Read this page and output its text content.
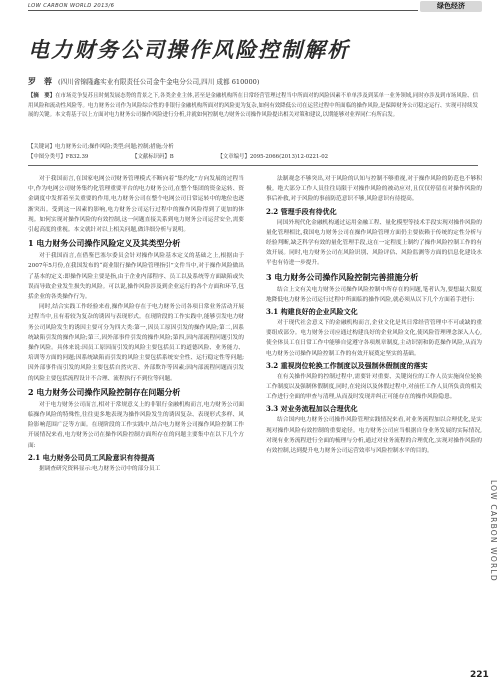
LOW CARBON WORLD 2013/6	绿色经济
电力财务公司操作风险控制解析
罗　蓉 (四川省锦隆鑫实业有限责任公司金牛金电分公司,四川 成都 610000)
【摘　要】在市场竞争复苏且时刻发展态势的背景之下,各类企业主体,甚至是金融机构所在日常经营管理过程当中所面对的风险因素不单单涉及到某单一业务领域,同时亦涉及到市场风险、信用风险和流动性风险等。电力财务公司作为风险综合性的非银行金融机构所面对的风险更为复杂,如何有效降低公司在运营过程中所面临的操作风险,是保障财务公司稳定运行、实现可持续发展的关键。本文将基于以上方面对电力财务公司操作风险进行分析,并就如何控制电力财务公司操作风险提出相关对策和建议,以期能够对业界同仁有所启发。
【关键词】电力财务公司;操作风险;类型;问题;控制;措施;分析
【中图分类号】F832.39	【文献标识码】B	【文章编号】2095-2066(2013)12-0221-02

对于我国而言,在国家电网公司财务管理模式不断向着“集约化”方向发展的过程当中,作为电网公司财务集约化管理重要平台的电力财务公司,在整个集团的资金运转、资金调度中发挥着至关重要的作用,电力财务公司在整个电网公司日常运转中的地位也逐渐突出。受到这一因素的影响,电力财务公司运行过程中的操作风险得到了更加的体现。如何实现对操作风险的有效控制,这一问题直接关系到电力财务公司运营安全,需要引起高度的重视。本文就针对以上相关问题,做详细分析与说明。

1 电力财务公司操作风险定义及其类型分析

对于我国而言,在借鉴巴塞尔委员会针对操作风险基本定义的基础之上,根据由于2007年5月份,在我国发布的“商业银行操作风险管理指引”文件当中,对于操作风险做出了基本的定义:即操作风险主要是指,由于企业内部程序、员工以及系统等方面缺陷或失误而导致企业发生损失的风险。可以说,操作风险涉及到企业运行的各个方面和环节,包括企业的各类操作行为。

同时,结合实践工作经验来看,操作风险存在于电力财务公司各项日常业务活动开展过程当中,且有着较为复杂的诱因与表现形式。在现阶段的工作实践中,能够引发电力财务公司风险发生的诱因主要可分为四大类:第一,因员工原因引发的操作风险;第二,因系统缺陷引发的操作风险;第三,因外部事件引发的操作风险;第四,因内部流程问题引发的操作风险。具体来说:因员工原因而引发的风险主要包括员工的道德风险、业务能力、培训等方面的问题;因系统缺陷而引发的风险主要包括系统安全性、运行稳定性等问题;因外部事件而引发的风险主要包括自然灾害、外部欺诈等因素;因内部流程问题而引发的风险主要包括流程设计不合理、流程执行不到位等问题。

2 电力财务公司操作风险控制存在问题分析

对于电力财务公司而言,相对于常规意义上的非银行金融机构而言,电力财务公司面临操作风险的特殊性,往往更多地表现为操作风险发生的诱因复杂、表现形式多样、风险影响范围广泛等方面。在现阶段的工作实践中,结合电力财务公司操作风险控制工作开展情况来看,电力财务公司在操作风险控制方面所存在的问题主要集中在以下几个方面:

2.1 电力财务公司员工风险意识有待提高

据调查研究资料显示:电力财务公司中的部分员工

法制观念不够突出,对于风险的认知与控制不够重视,对于操作风险的防范也不够积极。绝大部分工作人员往往局限于对操作风险的被动应对,且仅仅停留在对操作风险的事后补救,对于风险的事前防范意识不够,风险意识有待提高。

2.2 管理手段有待优化

同国外现代化金融机构通过运用金融工程、量化模型等技术手段实现对操作风险的量化管理相比,我国电力财务公司在操作风险管理方面仍主要依赖于传统的定性分析与经验判断,缺乏科学有效的量化管理手段,这在一定程度上制约了操作风险控制工作的有效开展。同时,电力财务公司在风险识别、风险评估、风险监测等方面的信息化建设水平也有待进一步提升。

3 电力财务公司操作风险控制完善措施分析

结合上文有关电力财务公司操作风险控制中所存在的问题,笔者认为,要想最大限度地降低电力财务公司运行过程中所面临的操作风险,就必须从以下几个方面着手进行:

3.1 构建良好的企业风险文化

对于现代社会意义下的金融机构而言,企业文化是其日常经营管理中不可或缺的重要组成部分。电力财务公司应通过构建良好的企业风险文化,使风险管理理念深入人心,使全体员工在日常工作中能够自觉遵守各项规章制度,主动识别和防范操作风险,从而为电力财务公司操作风险控制工作的有效开展奠定坚实的基础。

3.2 重视岗位轮换工作制度以及强制休假制度的落实

在有关操作风险的控制过程中,需要针对重要、关键岗位的工作人员实施岗位轮换工作制度以及强制休假制度,同时,在轮岗以及休假过程中,对前任工作人员所负责的相关工作进行全面的审查与清理,从而及时发现并纠正可能存在的操作风险隐患。

3.3 对业务流程加以合理优化

结合国内电力财务公司操作风险管理实践情况来看,对业务流程加以合理优化,是实现对操作风险有效控制的重要途径。电力财务公司应当根据自身业务发展的实际情况,对现有业务流程进行全面的梳理与分析,通过对业务流程的合理优化,实现对操作风险的有效控制,达到提升电力财务公司运营效率与风险控制水平的目的。

LOW CARBON WORLD
221
